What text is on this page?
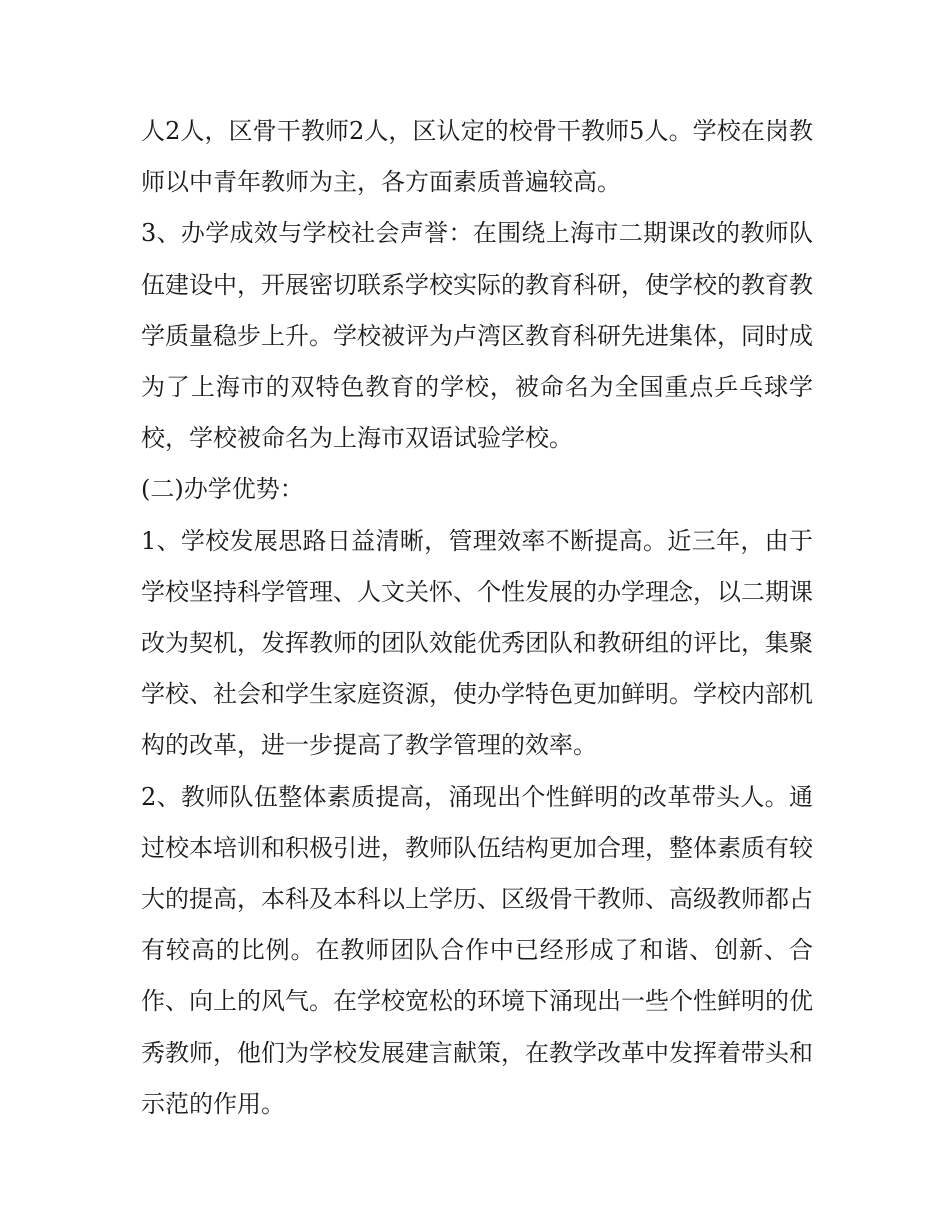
人2人，区骨干教师2人，区认定的校骨干教师5人。学校在岗教师以中青年教师为主，各方面素质普遍较高。

3、办学成效与学校社会声誉：在围绕上海市二期课改的教师队伍建设中，开展密切联系学校实际的教育科研，使学校的教育教学质量稳步上升。学校被评为卢湾区教育科研先进集体，同时成为了上海市的双特色教育的学校，被命名为全国重点乒乓球学校，学校被命名为上海市双语试验学校。

(二)办学优势：

1、学校发展思路日益清晰，管理效率不断提高。近三年，由于学校坚持科学管理、人文关怀、个性发展的办学理念，以二期课改为契机，发挥教师的团队效能优秀团队和教研组的评比，集聚学校、社会和学生家庭资源，使办学特色更加鲜明。学校内部机构的改革，进一步提高了教学管理的效率。

2、教师队伍整体素质提高，涌现出个性鲜明的改革带头人。通过校本培训和积极引进，教师队伍结构更加合理，整体素质有较大的提高，本科及本科以上学历、区级骨干教师、高级教师都占有较高的比例。在教师团队合作中已经形成了和谐、创新、合作、向上的风气。在学校宽松的环境下涌现出一些个性鲜明的优秀教师，他们为学校发展建言献策，在教学改革中发挥着带头和示范的作用。
